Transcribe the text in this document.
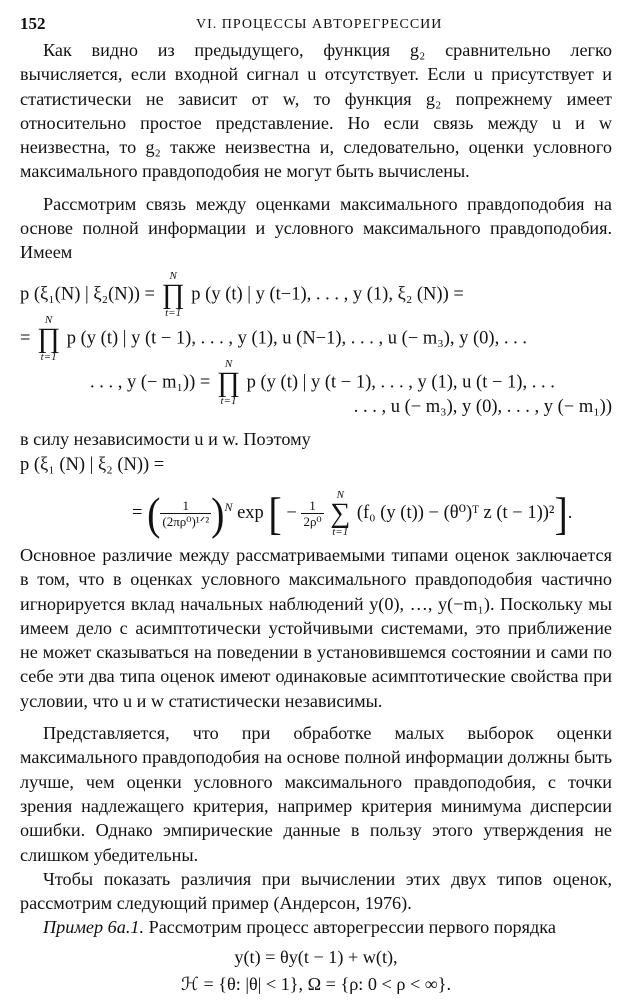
152	VI. ПРОЦЕССЫ АВТОРЕГРЕССИИ

Как видно из предыдущего, функция g₂ сравнительно легко вычисляется, если входной сигнал u отсутствует. Если u присутствует и статистически не зависит от w, то функция g₂ попрежнему имеет относительно простое представление. Но если связь между u и w неизвестна, то g₂ также неизвестна и, следовательно, оценки условного максимального правдоподобия не могут быть вычислены.

Рассмотрим связь между оценками максимального правдоподобия на основе полной информации и условного максимального правдоподобия. Имеем

p (ξ₁(N) | ξ₂(N)) =
N
∏
t=1
p (y (t) | y (t−1), . . . , y (1), ξ₂ (N)) =
=
N
∏
t=1
p (y (t) | y (t − 1), . . . , y (1), u (N−1), . . . , u (− m₃), y (0), . . .
. . . , y (− m₁)) =
N
∏
t=1
p (y (t) | y (t − 1), . . . , y (1), u (t − 1), . . .
. . . , u (− m₃), y (0), . . . , y (− m₁))

в силу независимости u и w. Поэтому

p (ξ₁ (N) | ξ₂ (N)) =
= ( $\frac{1}{\text{(2πρ⁰)¹ᐟ²}} )^N$ exp [ − $\frac{1}{\text{2ρ⁰}}$

N
∑
t=1
(f₀ (y (t)) − (θ⁰)ᵀ z (t − 1))²].

Основное различие между рассматриваемыми типами оценок заключается в том, что в оценках условного максимального правдоподобия частично игнорируется вклад начальных наблюдений y(0), …, y(−m₁). Поскольку мы имеем дело с асимптотически устойчивыми системами, это приближение не может сказываться на поведении в установившемся состоянии и сами по себе эти два типа оценок имеют одинаковые асимптотические свойства при условии, что u и w статистически независимы.

Представляется, что при обработке малых выборок оценки максимального правдоподобия на основе полной информации должны быть лучше, чем оценки условного максимального правдоподобия, с точки зрения надлежащего критерия, например критерия минимума дисперсии ошибки. Однако эмпирические данные в пользу этого утверждения не слишком убедительны.

Чтобы показать различия при вычислении этих двух типов оценок, рассмотрим следующий пример (Андерсон, 1976).

Пример 6а.1. Рассмотрим процесс авторегрессии первого порядка

y(t) = θy(t − 1) + w(t),
ℋ = {θ: |θ| < 1}, Ω = {ρ: 0 < ρ < ∞}.
